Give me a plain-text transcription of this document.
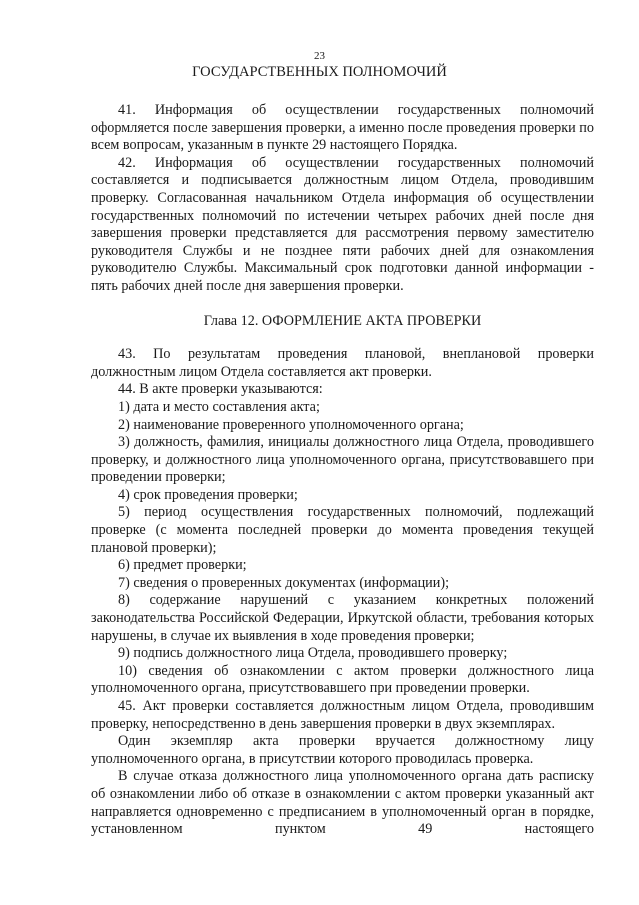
23
ГОСУДАРСТВЕННЫХ ПОЛНОМОЧИЙ

41. Информация об осуществлении государственных полномочий оформляется после завершения проверки, а именно после проведения проверки по всем вопросам, указанным в пункте 29 настоящего Порядка.

42. Информация об осуществлении государственных полномочий составляется и подписывается должностным лицом Отдела, проводившим проверку. Согласованная начальником Отдела информация об осуществлении государственных полномочий по истечении четырех рабочих дней после дня завершения проверки представляется для рассмотрения первому заместителю руководителя Службы и не позднее пяти рабочих дней для ознакомления руководителю Службы. Максимальный срок подготовки данной информации - пять рабочих дней после дня завершения проверки.

Глава 12. ОФОРМЛЕНИЕ АКТА ПРОВЕРКИ

43. По результатам проведения плановой, внеплановой проверки должностным лицом Отдела составляется акт проверки.

44. В акте проверки указываются:

1) дата и место составления акта;

2) наименование проверенного уполномоченного органа;

3) должность, фамилия, инициалы должностного лица Отдела, проводившего проверку, и должностного лица уполномоченного органа, присутствовавшего при проведении проверки;

4) срок проведения проверки;

5) период осуществления государственных полномочий, подлежащий проверке (с момента последней проверки до момента проведения текущей плановой проверки);

6) предмет проверки;

7) сведения о проверенных документах (информации);

8) содержание нарушений с указанием конкретных положений законодательства Российской Федерации, Иркутской области, требования которых нарушены, в случае их выявления в ходе проведения проверки;

9) подпись должностного лица Отдела, проводившего проверку;

10) сведения об ознакомлении с актом проверки должностного лица уполномоченного органа, присутствовавшего при проведении проверки.

45. Акт проверки составляется должностным лицом Отдела, проводившим проверку, непосредственно в день завершения проверки в двух экземплярах.

Один экземпляр акта проверки вручается должностному лицу уполномоченного органа, в присутствии которого проводилась проверка.

В случае отказа должностного лица уполномоченного органа дать расписку об ознакомлении либо об отказе в ознакомлении с актом проверки указанный акт направляется одновременно с предписанием в уполномоченный орган в порядке, установленном пунктом 49 настоящего
